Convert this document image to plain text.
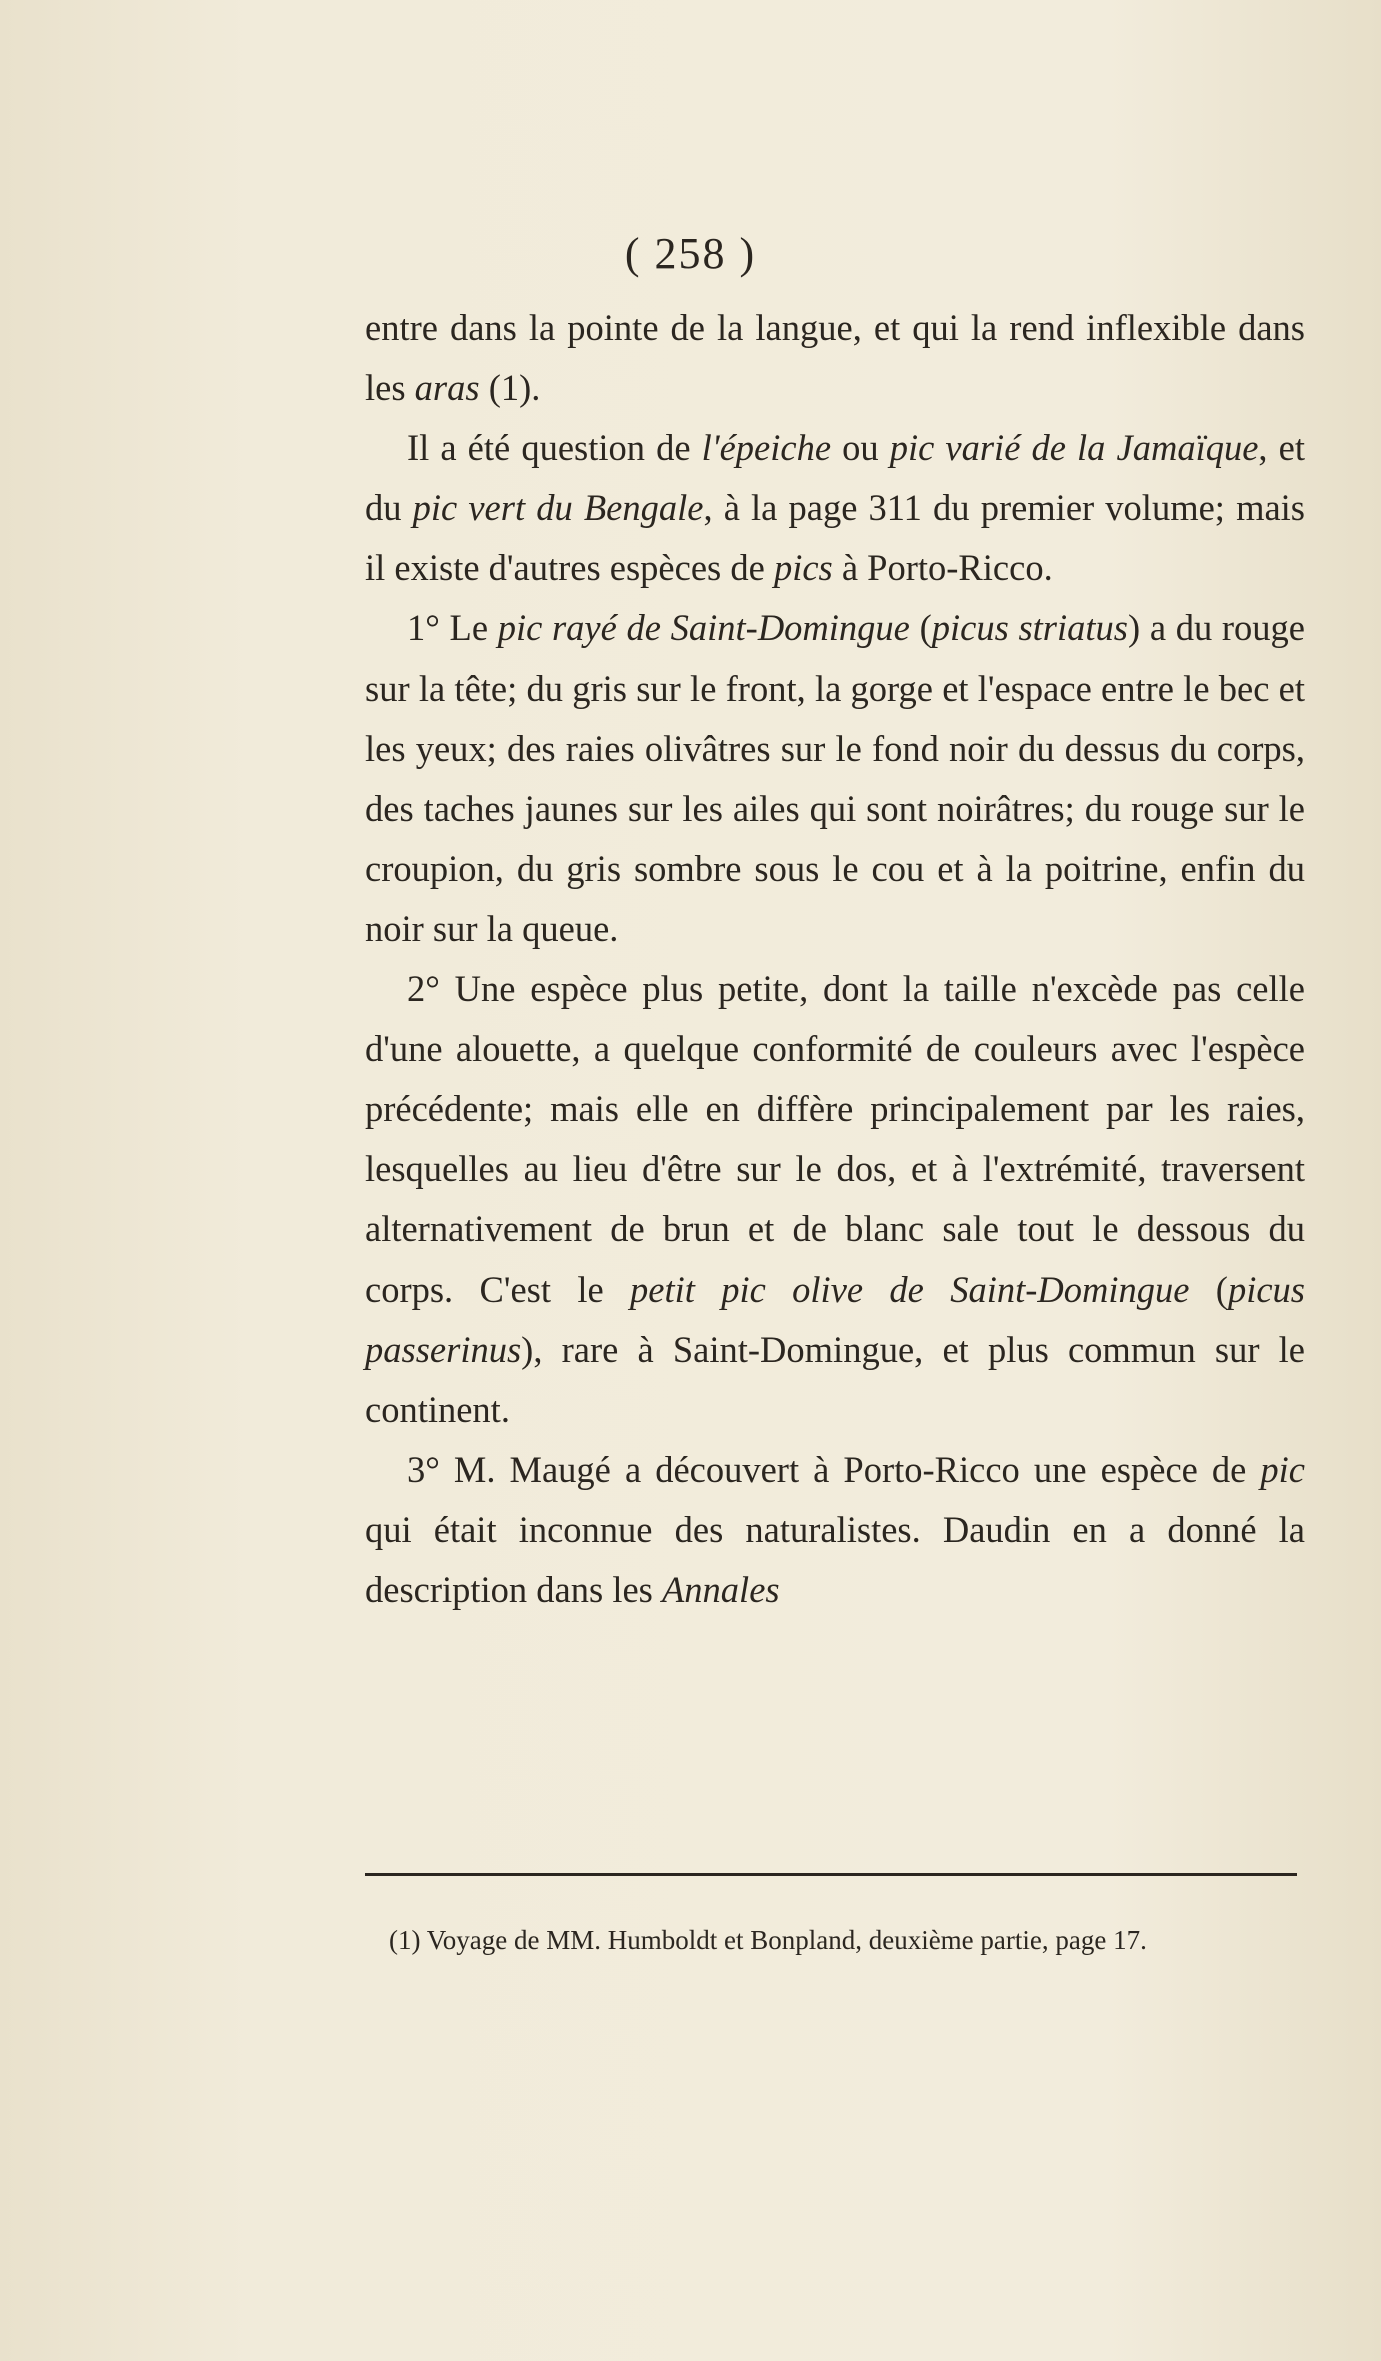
( 258 )

entre dans la pointe de la langue, et qui la rend inflexible dans les aras (1).

Il a été question de l'épeiche ou pic varié de la Jamaïque, et du pic vert du Bengale, à la page 311 du premier volume; mais il existe d'autres espèces de pics à Porto-Ricco.

1° Le pic rayé de Saint-Domingue (picus striatus) a du rouge sur la tête; du gris sur le front, la gorge et l'espace entre le bec et les yeux; des raies olivâtres sur le fond noir du dessus du corps, des taches jaunes sur les ailes qui sont noirâtres; du rouge sur le croupion, du gris sombre sous le cou et à la poitrine, enfin du noir sur la queue.

2° Une espèce plus petite, dont la taille n'excède pas celle d'une alouette, a quelque conformité de couleurs avec l'espèce précédente; mais elle en diffère principalement par les raies, lesquelles au lieu d'être sur le dos, et à l'extrémité, traversent alternativement de brun et de blanc sale tout le dessous du corps. C'est le petit pic olive de Saint-Domingue (picus passerinus), rare à Saint-Domingue, et plus commun sur le continent.

3° M. Maugé a découvert à Porto-Ricco une espèce de pic qui était inconnue des naturalistes. Daudin en a donné la description dans les Annales

(1) Voyage de MM. Humboldt et Bonpland, deuxième partie, page 17.
